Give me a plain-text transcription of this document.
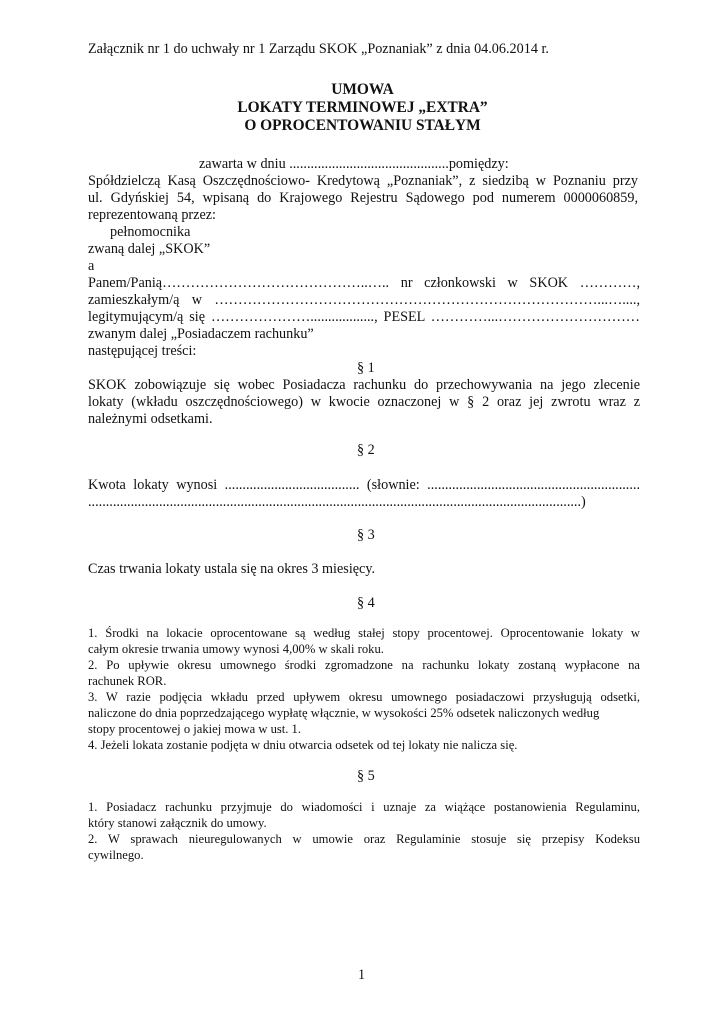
Załącznik nr 1 do uchwały nr 1 Zarządu SKOK „Poznaniak” z dnia 04.06.2014 r.
UMOWA
LOKATY TERMINOWEJ „EXTRA”
O OPROCENTOWANIU STAŁYM
zawarta w dniu .............................................pomiędzy:
Spółdzielczą Kasą Oszczędnościowo- Kredytową „Poznaniak”, z siedzibą w Poznaniu przy
ul. Gdyńskiej 54, wpisaną do Krajowego Rejestru Sądowego pod numerem 0000060859,
reprezentowaną przez:
pełnomocnika
zwaną dalej „SKOK”
a
Panem/Panią……………………………………..….. nr członkowski w SKOK …………,
zamieszkałym/ą w ………………………………………………………………………...…....,
legitymującym/ą się ………………….................., PESEL …………...…………………………
zwanym dalej „Posiadaczem rachunku”
następującej treści:
§ 1
SKOK zobowiązuje się wobec Posiadacza rachunku do przechowywania na jego zlecenie
lokaty (wkładu oszczędnościowego) w kwocie oznaczonej w § 2 oraz jej zwrotu wraz z
należnymi odsetkami.
§ 2
Kwota lokaty wynosi ...................................... (słownie: ............................................................
...........................................................................................................................................)
§ 3
Czas trwania lokaty ustala się na okres 3 miesięcy.
§ 4
1. Środki na lokacie oprocentowane są według stałej stopy procentowej. Oprocentowanie lokaty w
całym okresie trwania umowy wynosi 4,00% w skali roku.
2. Po upływie okresu umownego środki zgromadzone na rachunku lokaty zostaną wypłacone na
rachunek ROR.
3. W razie podjęcia wkładu przed upływem okresu umownego posiadaczowi przysługują odsetki,
naliczone do dnia poprzedzającego wypłatę włącznie, w wysokości 25% odsetek naliczonych według
stopy procentowej o jakiej mowa w ust. 1.
4. Jeżeli lokata zostanie podjęta w dniu otwarcia odsetek od tej lokaty nie nalicza się.
§ 5
1. Posiadacz rachunku przyjmuje do wiadomości i uznaje za wiążące postanowienia Regulaminu,
który stanowi załącznik do umowy.
2. W sprawach nieuregulowanych w umowie oraz Regulaminie stosuje się przepisy Kodeksu
cywilnego.
1
